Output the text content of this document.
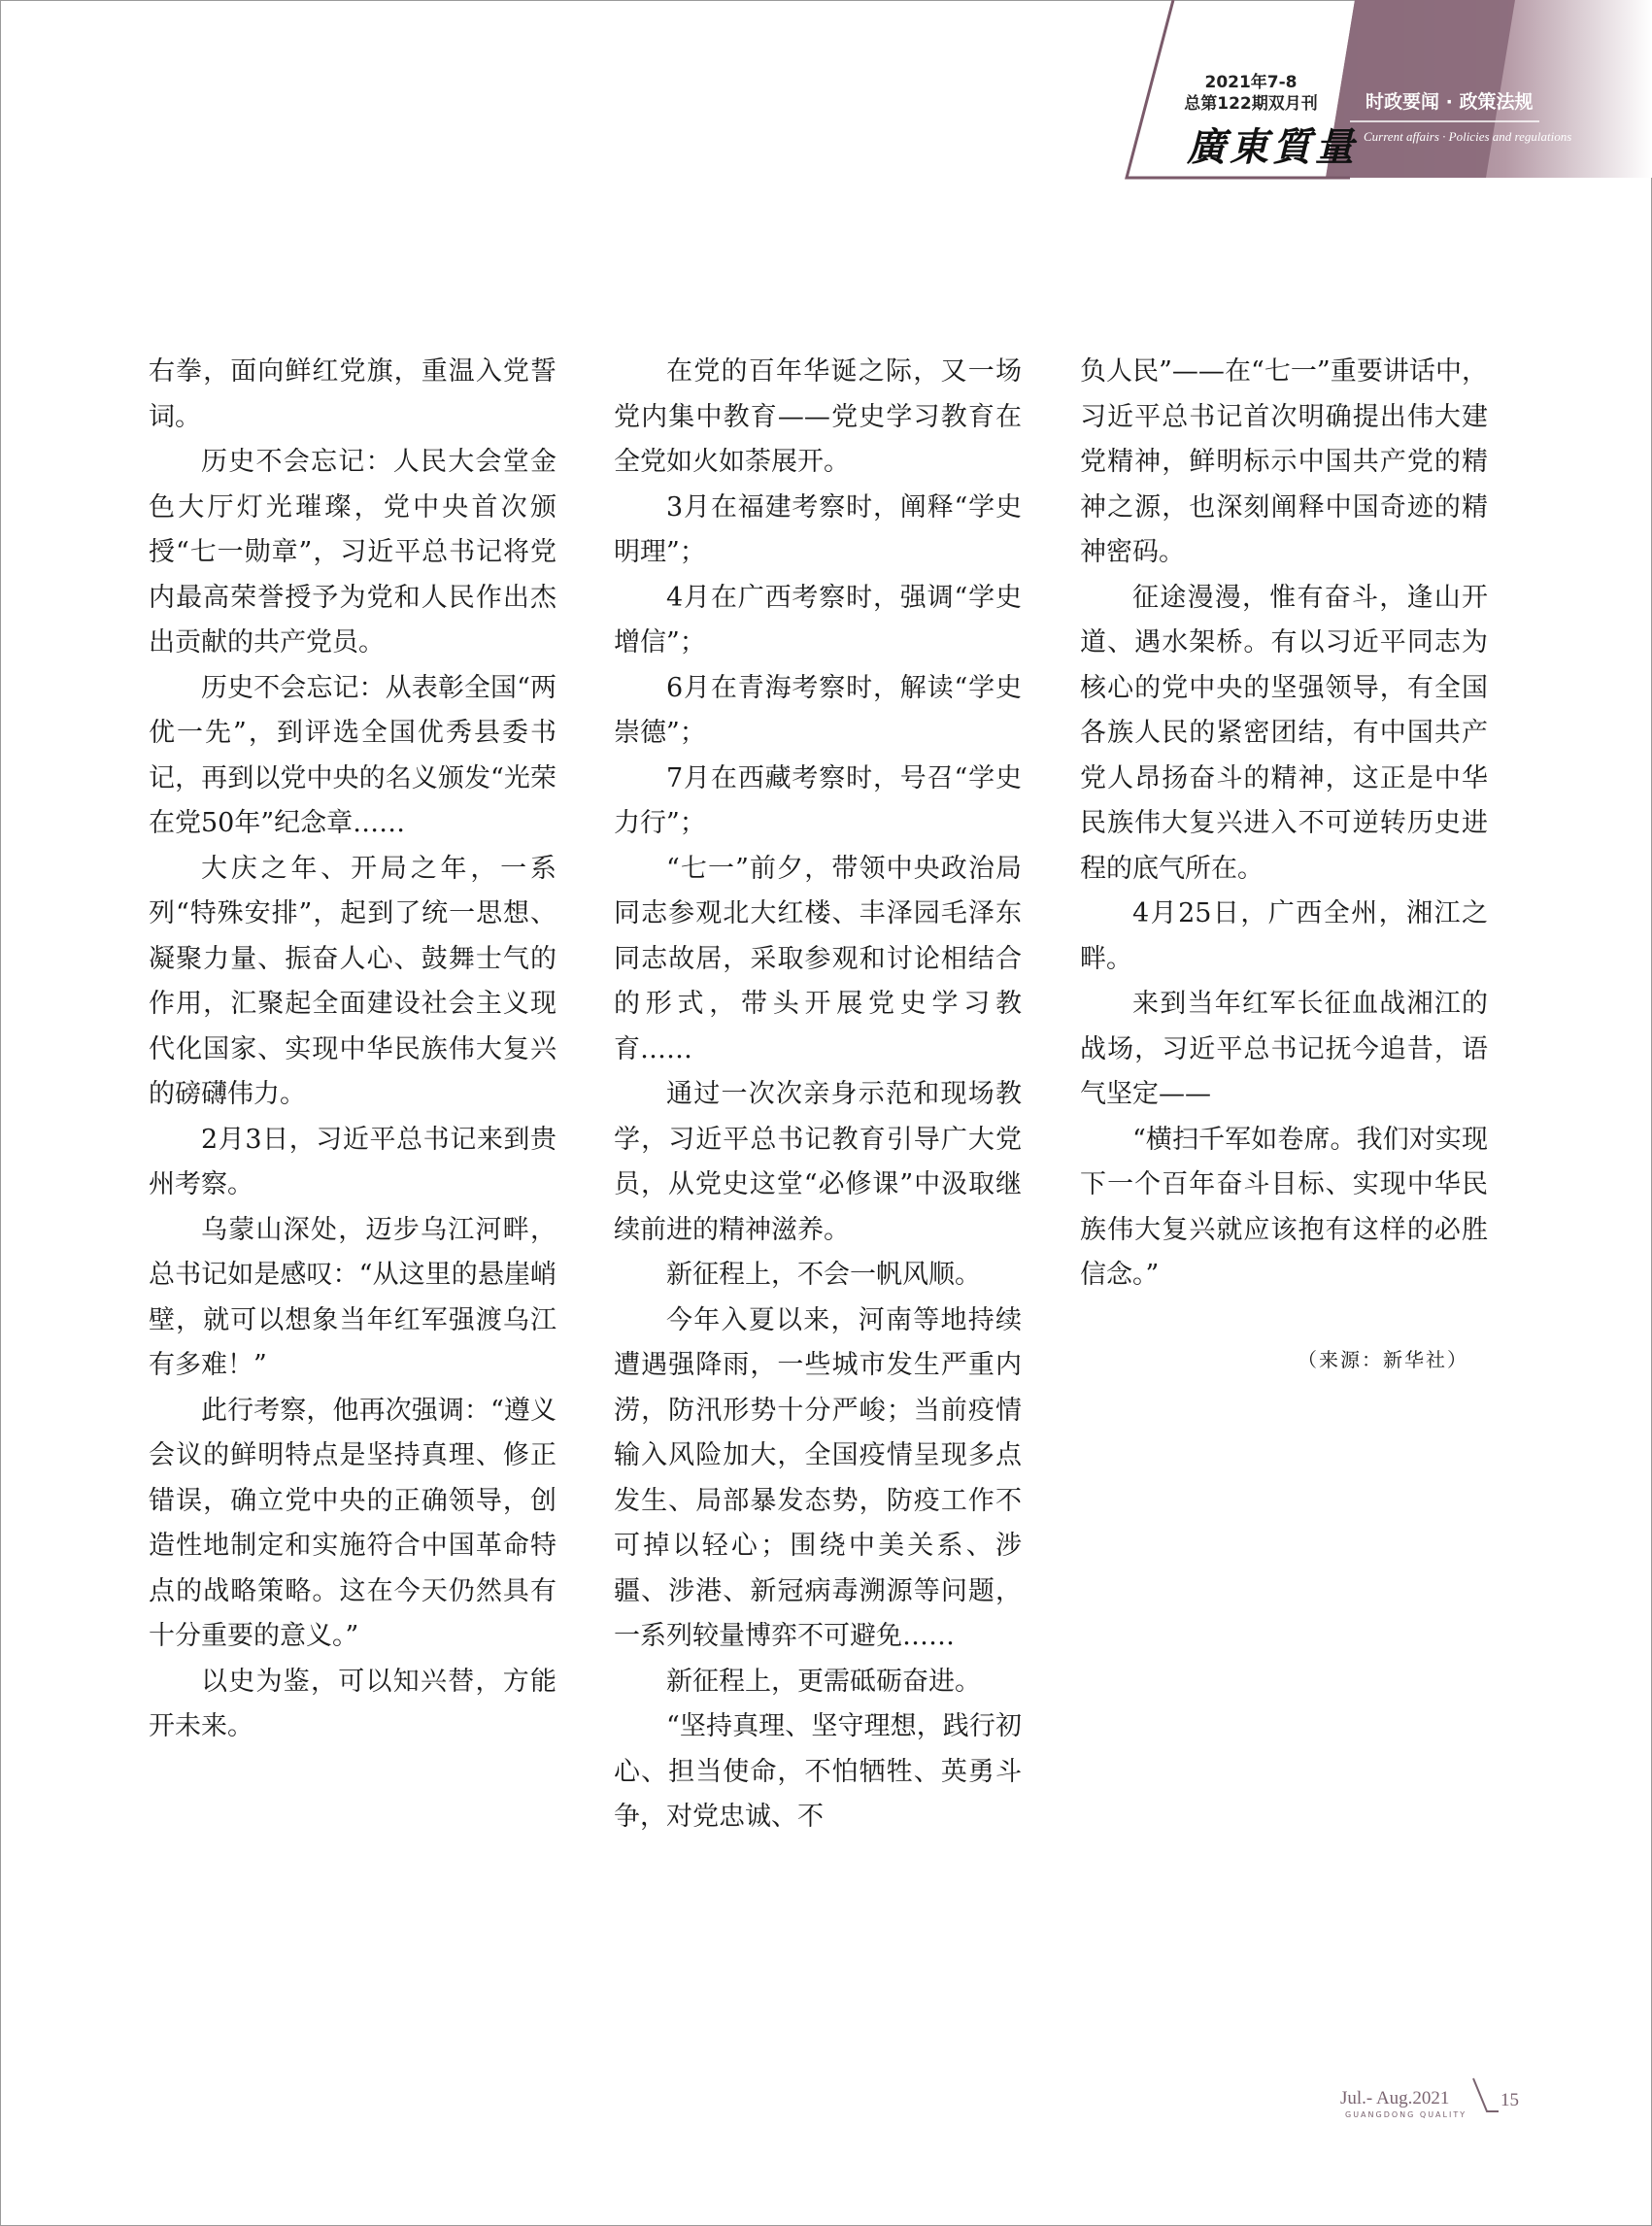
2021年7-8
总第122期双月刊
廣東質量
时政要闻 · 政策法规
Current affairs · Policies and regulations

右拳，面向鲜红党旗，重温入党誓词。

历史不会忘记：人民大会堂金色大厅灯光璀璨，党中央首次颁授“七一勋章”，习近平总书记将党内最高荣誉授予为党和人民作出杰出贡献的共产党员。

历史不会忘记：从表彰全国“两优一先”，到评选全国优秀县委书记，再到以党中央的名义颁发“光荣在党50年”纪念章……

大庆之年、开局之年，一系列“特殊安排”，起到了统一思想、凝聚力量、振奋人心、鼓舞士气的作用，汇聚起全面建设社会主义现代化国家、实现中华民族伟大复兴的磅礴伟力。

2月3日，习近平总书记来到贵州考察。

乌蒙山深处，迈步乌江河畔，总书记如是感叹：“从这里的悬崖峭壁，就可以想象当年红军强渡乌江有多难！”

此行考察，他再次强调：“遵义会议的鲜明特点是坚持真理、修正错误，确立党中央的正确领导，创造性地制定和实施符合中国革命特点的战略策略。这在今天仍然具有十分重要的意义。”

以史为鉴，可以知兴替，方能开未来。

在党的百年华诞之际，又一场党内集中教育——党史学习教育在全党如火如荼展开。

3月在福建考察时，阐释“学史明理”；

4月在广西考察时，强调“学史增信”；

6月在青海考察时，解读“学史崇德”；

7月在西藏考察时，号召“学史力行”；

“七一”前夕，带领中央政治局同志参观北大红楼、丰泽园毛泽东同志故居，采取参观和讨论相结合的形式，带头开展党史学习教育……

通过一次次亲身示范和现场教学，习近平总书记教育引导广大党员，从党史这堂“必修课”中汲取继续前进的精神滋养。

新征程上，不会一帆风顺。

今年入夏以来，河南等地持续遭遇强降雨，一些城市发生严重内涝，防汛形势十分严峻；当前疫情输入风险加大，全国疫情呈现多点发生、局部暴发态势，防疫工作不可掉以轻心；围绕中美关系、涉疆、涉港、新冠病毒溯源等问题，一系列较量博弈不可避免……

新征程上，更需砥砺奋进。

“坚持真理、坚守理想，践行初心、担当使命，不怕牺牲、英勇斗争，对党忠诚、不

负人民”——在“七一”重要讲话中，习近平总书记首次明确提出伟大建党精神，鲜明标示中国共产党的精神之源，也深刻阐释中国奇迹的精神密码。

征途漫漫，惟有奋斗，逢山开道、遇水架桥。有以习近平同志为核心的党中央的坚强领导，有全国各族人民的紧密团结，有中国共产党人昂扬奋斗的精神，这正是中华民族伟大复兴进入不可逆转历史进程的底气所在。

4月25日，广西全州，湘江之畔。

来到当年红军长征血战湘江的战场，习近平总书记抚今追昔，语气坚定——

“横扫千军如卷席。我们对实现下一个百年奋斗目标、实现中华民族伟大复兴就应该抱有这样的必胜信念。”

（来源：新华社）
Jul.- Aug.2021
GUANGDONG QUALITY
15
